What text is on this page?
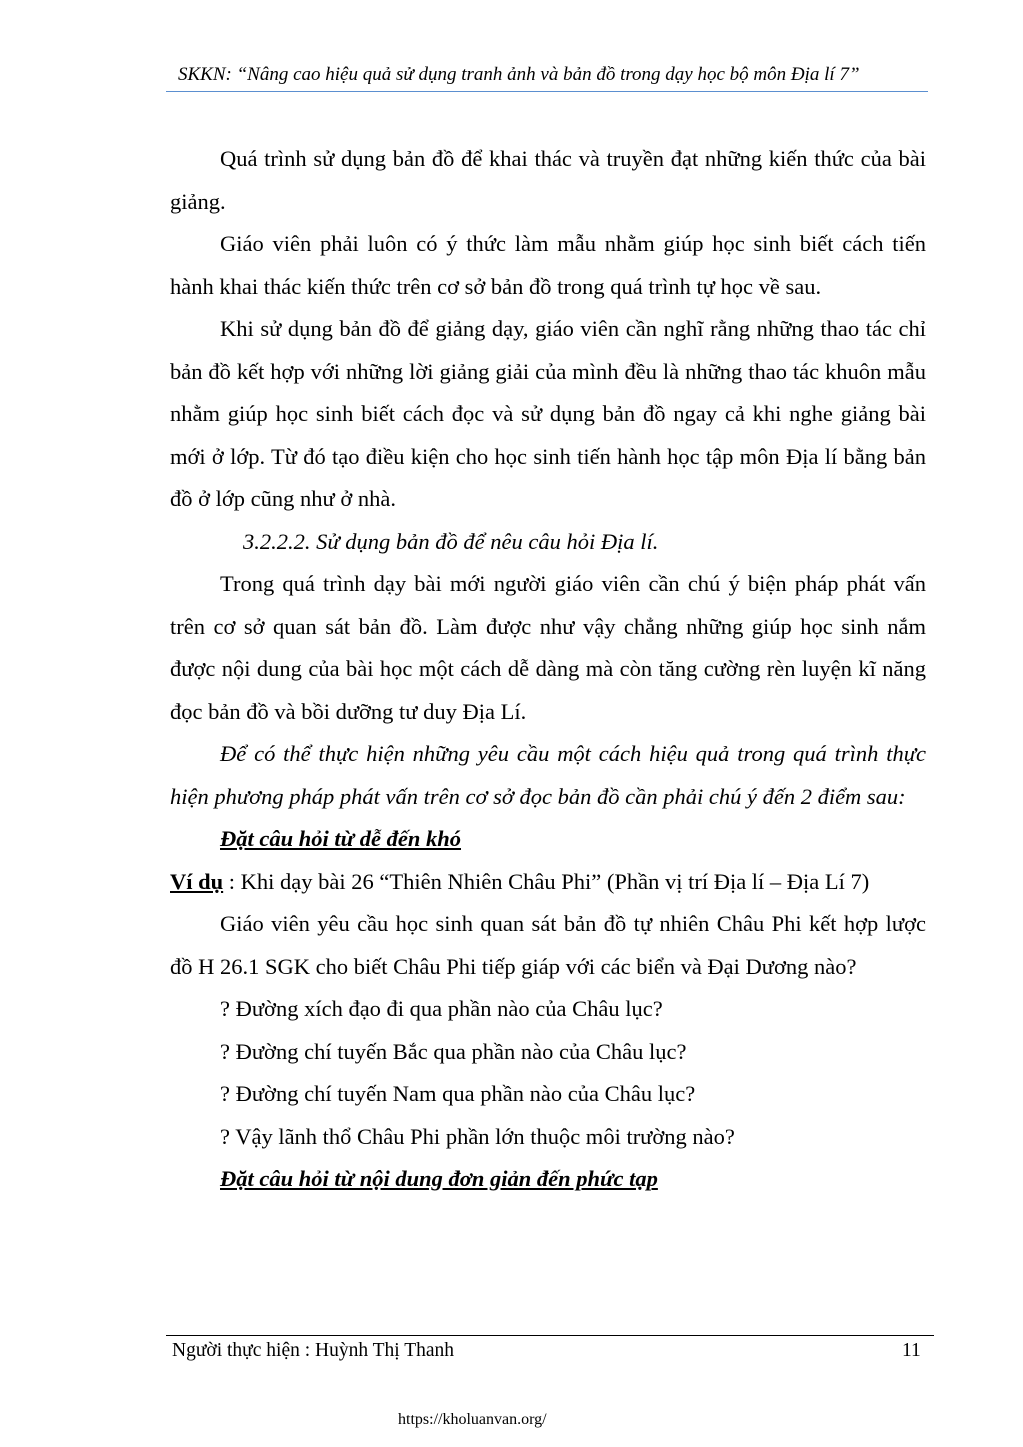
SKKN: “Nâng cao hiệu quả sử dụng tranh ảnh và bản đồ trong dạy học bộ môn Địa lí 7”

Quá trình sử dụng bản đồ để khai thác và truyền đạt những kiến thức của bài giảng.

Giáo viên phải luôn có ý thức làm mẫu nhằm giúp học sinh biết cách tiến hành khai thác kiến thức trên cơ sở bản đồ trong quá trình tự học về sau.

Khi sử dụng bản đồ để giảng dạy, giáo viên cần nghĩ rằng những thao tác chỉ bản đồ kết hợp với những lời giảng giải của mình đều là những thao tác khuôn mẫu nhằm giúp học sinh biết cách đọc và sử dụng bản đồ ngay cả khi nghe giảng bài mới ở lớp. Từ đó tạo điều kiện cho học sinh tiến hành học tập môn Địa lí bằng bản đồ ở lớp cũng như ở nhà.

3.2.2.2. Sử dụng bản đồ để nêu câu hỏi Địa lí.

Trong quá trình dạy bài mới người giáo viên cần chú ý biện pháp phát vấn trên cơ sở quan sát bản đồ. Làm được như vậy chẳng những giúp học sinh nắm được nội dung của bài học một cách dễ dàng mà còn tăng cường rèn luyện kĩ năng đọc bản đồ và bồi dưỡng tư duy Địa Lí.

Để có thể thực hiện những yêu cầu một cách hiệu quả trong quá trình thực hiện phương pháp phát vấn trên cơ sở đọc bản đồ cần phải chú ý đến 2 điểm sau:

Đặt câu hỏi từ dễ đến khó

Ví dụ : Khi dạy bài 26 “Thiên Nhiên Châu Phi” (Phần vị trí Địa lí – Địa Lí 7)

Giáo viên yêu cầu học sinh quan sát bản đồ tự nhiên Châu Phi kết hợp lược đồ H 26.1 SGK cho biết Châu Phi tiếp giáp với các biển và Đại Dương nào?

? Đường xích đạo đi qua phần nào của Châu lục?

? Đường chí tuyến Bắc qua phần nào của Châu lục?

? Đường chí tuyến Nam qua phần nào của Châu lục?

? Vậy lãnh thổ Châu Phi phần lớn thuộc môi trường nào?

Đặt câu hỏi từ nội dung đơn giản đến phức tạp

Người thực hiện : Huỳnh Thị Thanh	11
https://kholuanvan.org/
